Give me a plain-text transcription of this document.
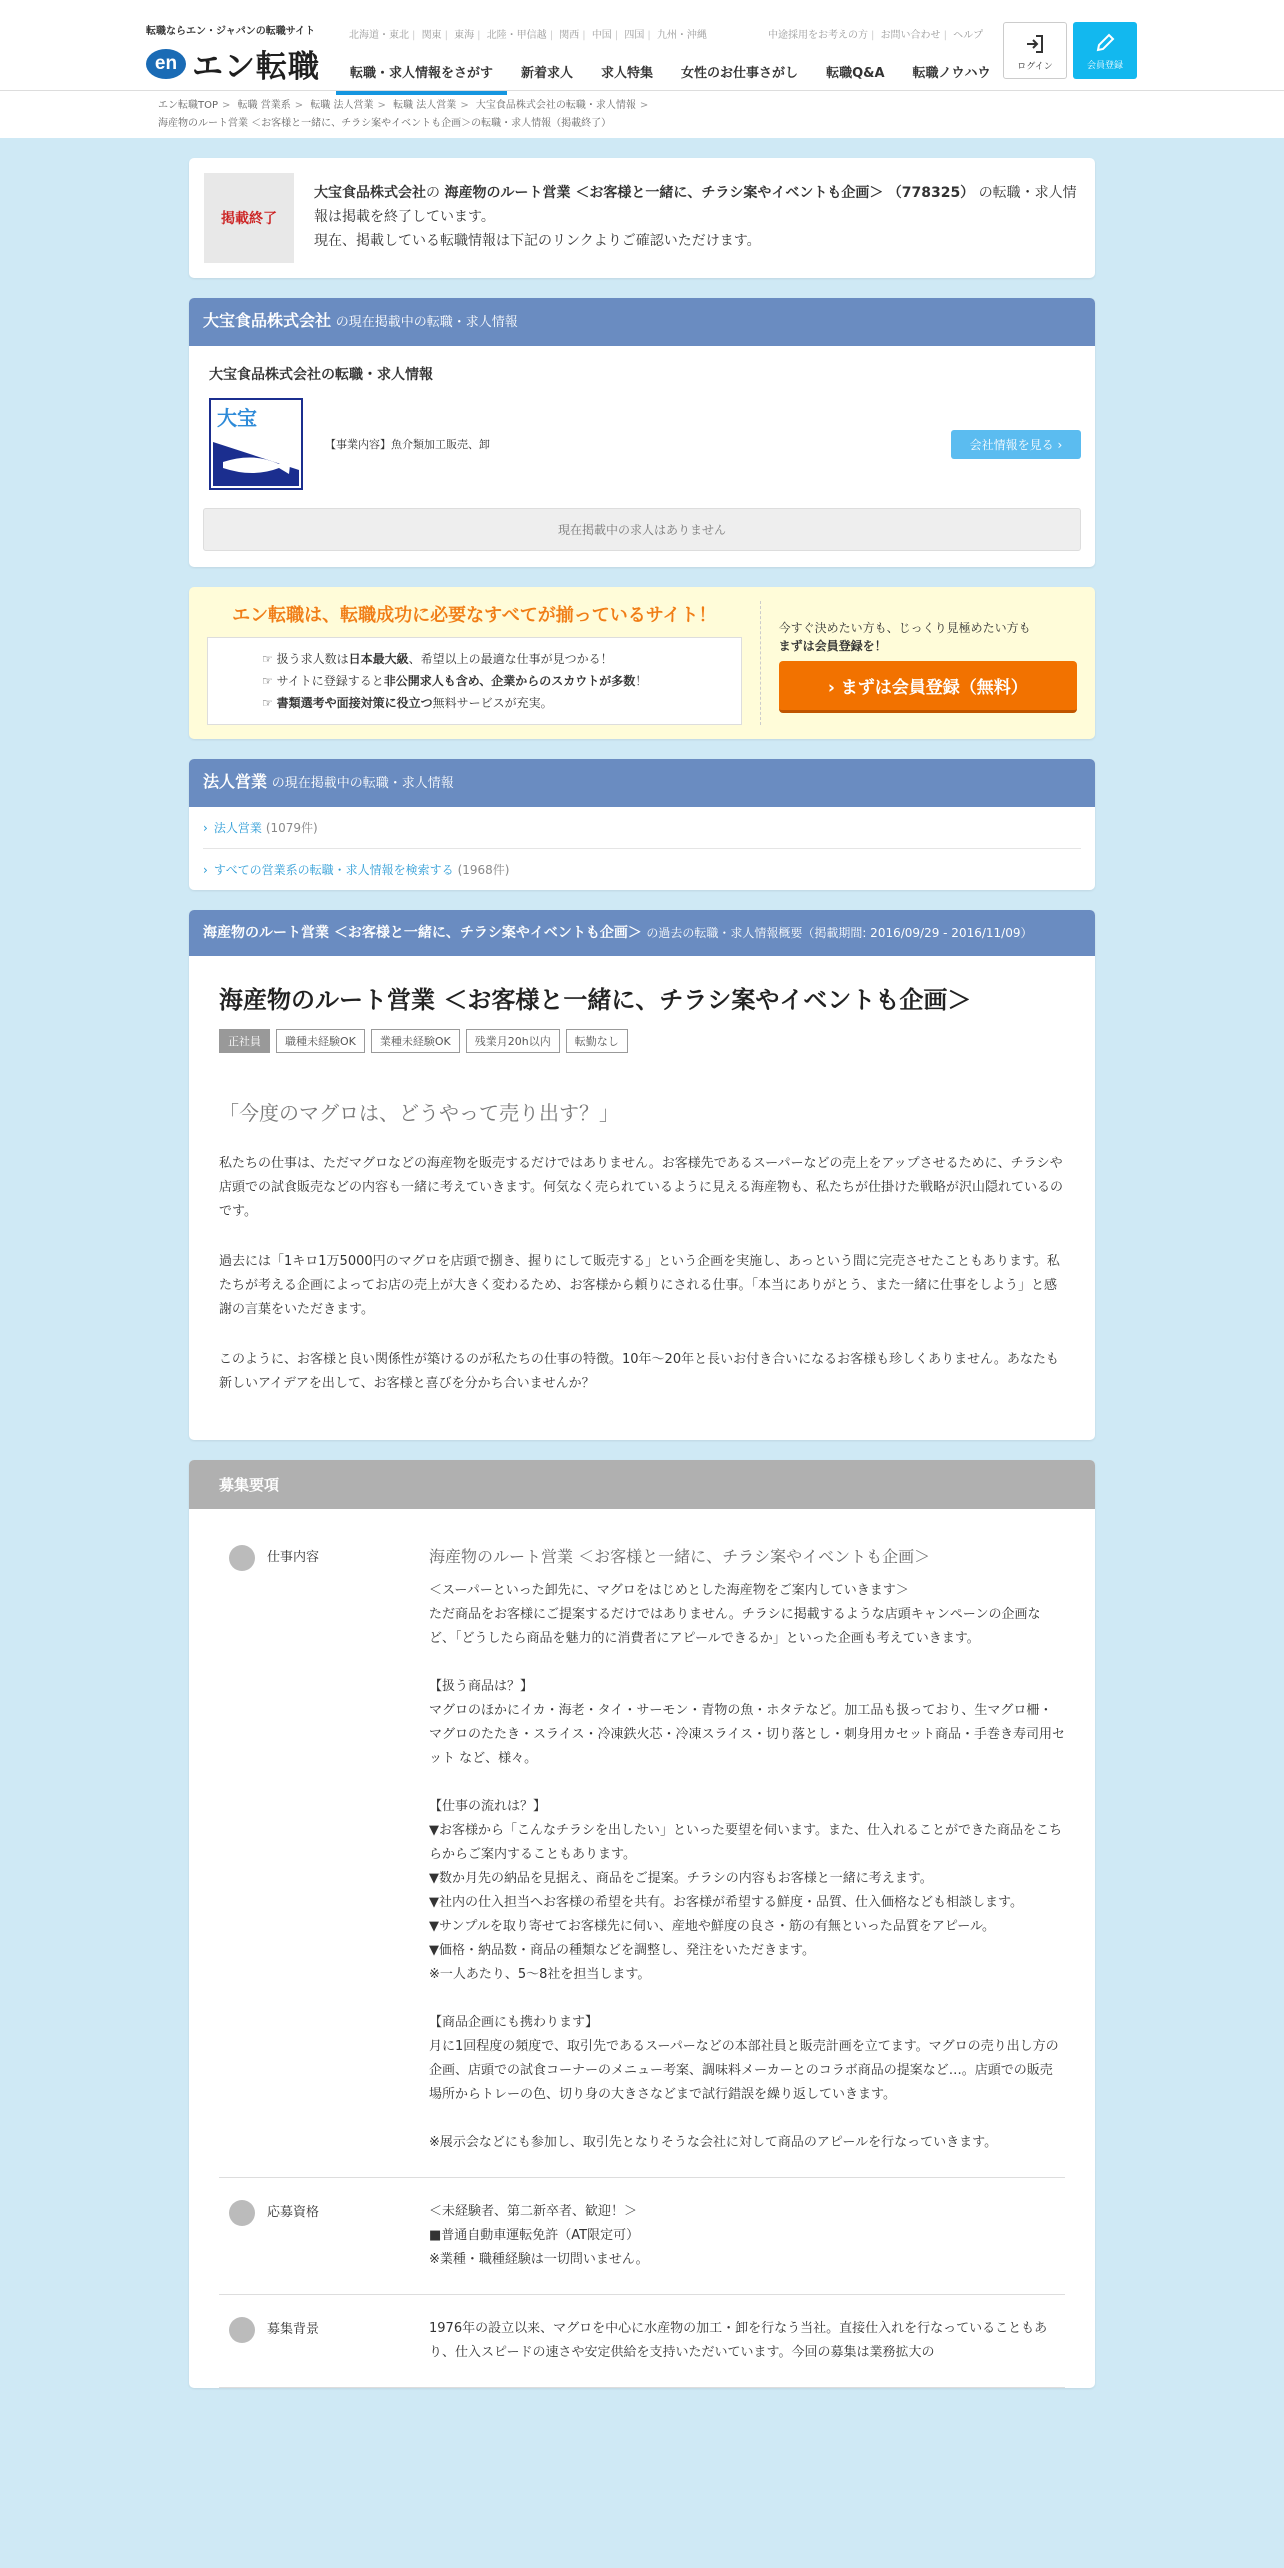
転職ならエン・ジャパンの転職サイト
en エン転職
北海道・東北 | 関東 | 東海 | 北陸・甲信越 | 関西 | 中国 | 四国 | 九州・沖縄	中途採用をお考えの方 | お問い合わせ | ヘルプ
転職・求人情報をさがす	新着求人	求人特集	女性のお仕事さがし	転職Q&A	転職ノウハウ	ログイン	会員登録
エン転職TOP > 転職 営業系 > 転職 法人営業 > 転職 法人営業 > 大宝食品株式会社の転職・求人情報 > 海産物のルート営業 ＜お客様と一緒に、チラシ案やイベントも企画＞の転職・求人情報（掲載終了）
掲載終了
大宝食品株式会社の 海産物のルート営業 ＜お客様と一緒に、チラシ案やイベントも企画＞ （778325） の転職・求人情報は掲載を終了しています。
現在、掲載している転職情報は下記のリンクよりご確認いただけます。
大宝食品株式会社 の現在掲載中の転職・求人情報
大宝食品株式会社の転職・求人情報
大宝
【事業内容】魚介類加工販売、卸	会社情報を見る ›
現在掲載中の求人はありません
エン転職は、転職成功に必要なすべてが揃っているサイト！
☞ 扱う求人数は日本最大級、希望以上の最適な仕事が見つかる！
☞ サイトに登録すると非公開求人も含め、企業からのスカウトが多数！
☞ 書類選考や面接対策に役立つ無料サービスが充実。

今すぐ決めたい方も、じっくり見極めたい方も
まずは会員登録を！

› まずは会員登録（無料）
法人営業 の現在掲載中の転職・求人情報
› 法人営業 (1079件)
› すべての営業系の転職・求人情報を検索する (1968件)
海産物のルート営業 ＜お客様と一緒に、チラシ案やイベントも企画＞ の過去の転職・求人情報概要（掲載期間: 2016/09/29 - 2016/11/09）
海産物のルート営業 ＜お客様と一緒に、チラシ案やイベントも企画＞
正社員	職種未経験OK	業種未経験OK	残業月20h以内	転勤なし
「今度のマグロは、どうやって売り出す？」

私たちの仕事は、ただマグロなどの海産物を販売するだけではありません。お客様先であるスーパーなどの売上をアップさせるために、チラシや店頭での試食販売などの内容も一緒に考えていきます。何気なく売られているように見える海産物も、私たちが仕掛けた戦略が沢山隠れているのです。

過去には「1キロ1万5000円のマグロを店頭で捌き、握りにして販売する」という企画を実施し、あっという間に完売させたこともあります。私たちが考える企画によってお店の売上が大きく変わるため、お客様から頼りにされる仕事。「本当にありがとう、また一緒に仕事をしよう」と感謝の言葉をいただきます。

このように、お客様と良い関係性が築けるのが私たちの仕事の特徴。10年〜20年と長いお付き合いになるお客様も珍しくありません。あなたも新しいアイデアを出して、お客様と喜びを分かち合いませんか？

募集要項
仕事内容	海産物のルート営業 ＜お客様と一緒に、チラシ案やイベントも企画＞
＜スーパーといった卸先に、マグロをはじめとした海産物をご案内していきます＞
ただ商品をお客様にご提案するだけではありません。チラシに掲載するような店頭キャンペーンの企画など、「どうしたら商品を魅力的に消費者にアピールできるか」といった企画も考えていきます。

【扱う商品は？】
マグロのほかにイカ・海老・タイ・サーモン・青物の魚・ホタテなど。加工品も扱っており、生マグロ柵・マグロのたたき・スライス・冷凍鉄火芯・冷凍スライス・切り落とし・刺身用カセット商品・手巻き寿司用セット など、様々。

【仕事の流れは？】
▼お客様から「こんなチラシを出したい」といった要望を伺います。また、仕入れることができた商品をこちらからご案内することもあります。
▼数か月先の納品を見据え、商品をご提案。チラシの内容もお客様と一緒に考えます。
▼社内の仕入担当へお客様の希望を共有。お客様が希望する鮮度・品質、仕入価格なども相談します。
▼サンプルを取り寄せてお客様先に伺い、産地や鮮度の良さ・筋の有無といった品質をアピール。
▼価格・納品数・商品の種類などを調整し、発注をいただきます。
※一人あたり、5〜8社を担当します。

【商品企画にも携わります】
月に1回程度の頻度で、取引先であるスーパーなどの本部社員と販売計画を立てます。マグロの売り出し方の企画、店頭での試食コーナーのメニュー考案、調味料メーカーとのコラボ商品の提案など…。店頭での販売場所からトレーの色、切り身の大きさなどまで試行錯誤を繰り返していきます。

※展示会などにも参加し、取引先となりそうな会社に対して商品のアピールを行なっていきます。
応募資格	＜未経験者、第二新卒者、歓迎！＞
■普通自動車運転免許（AT限定可）
※業種・職種経験は一切問いません。
募集背景	1976年の設立以来、マグロを中心に水産物の加工・卸を行なう当社。直接仕入れを行なっていることもあり、仕入スピードの速さや安定供給を支持いただいています。今回の募集は業務拡大の
